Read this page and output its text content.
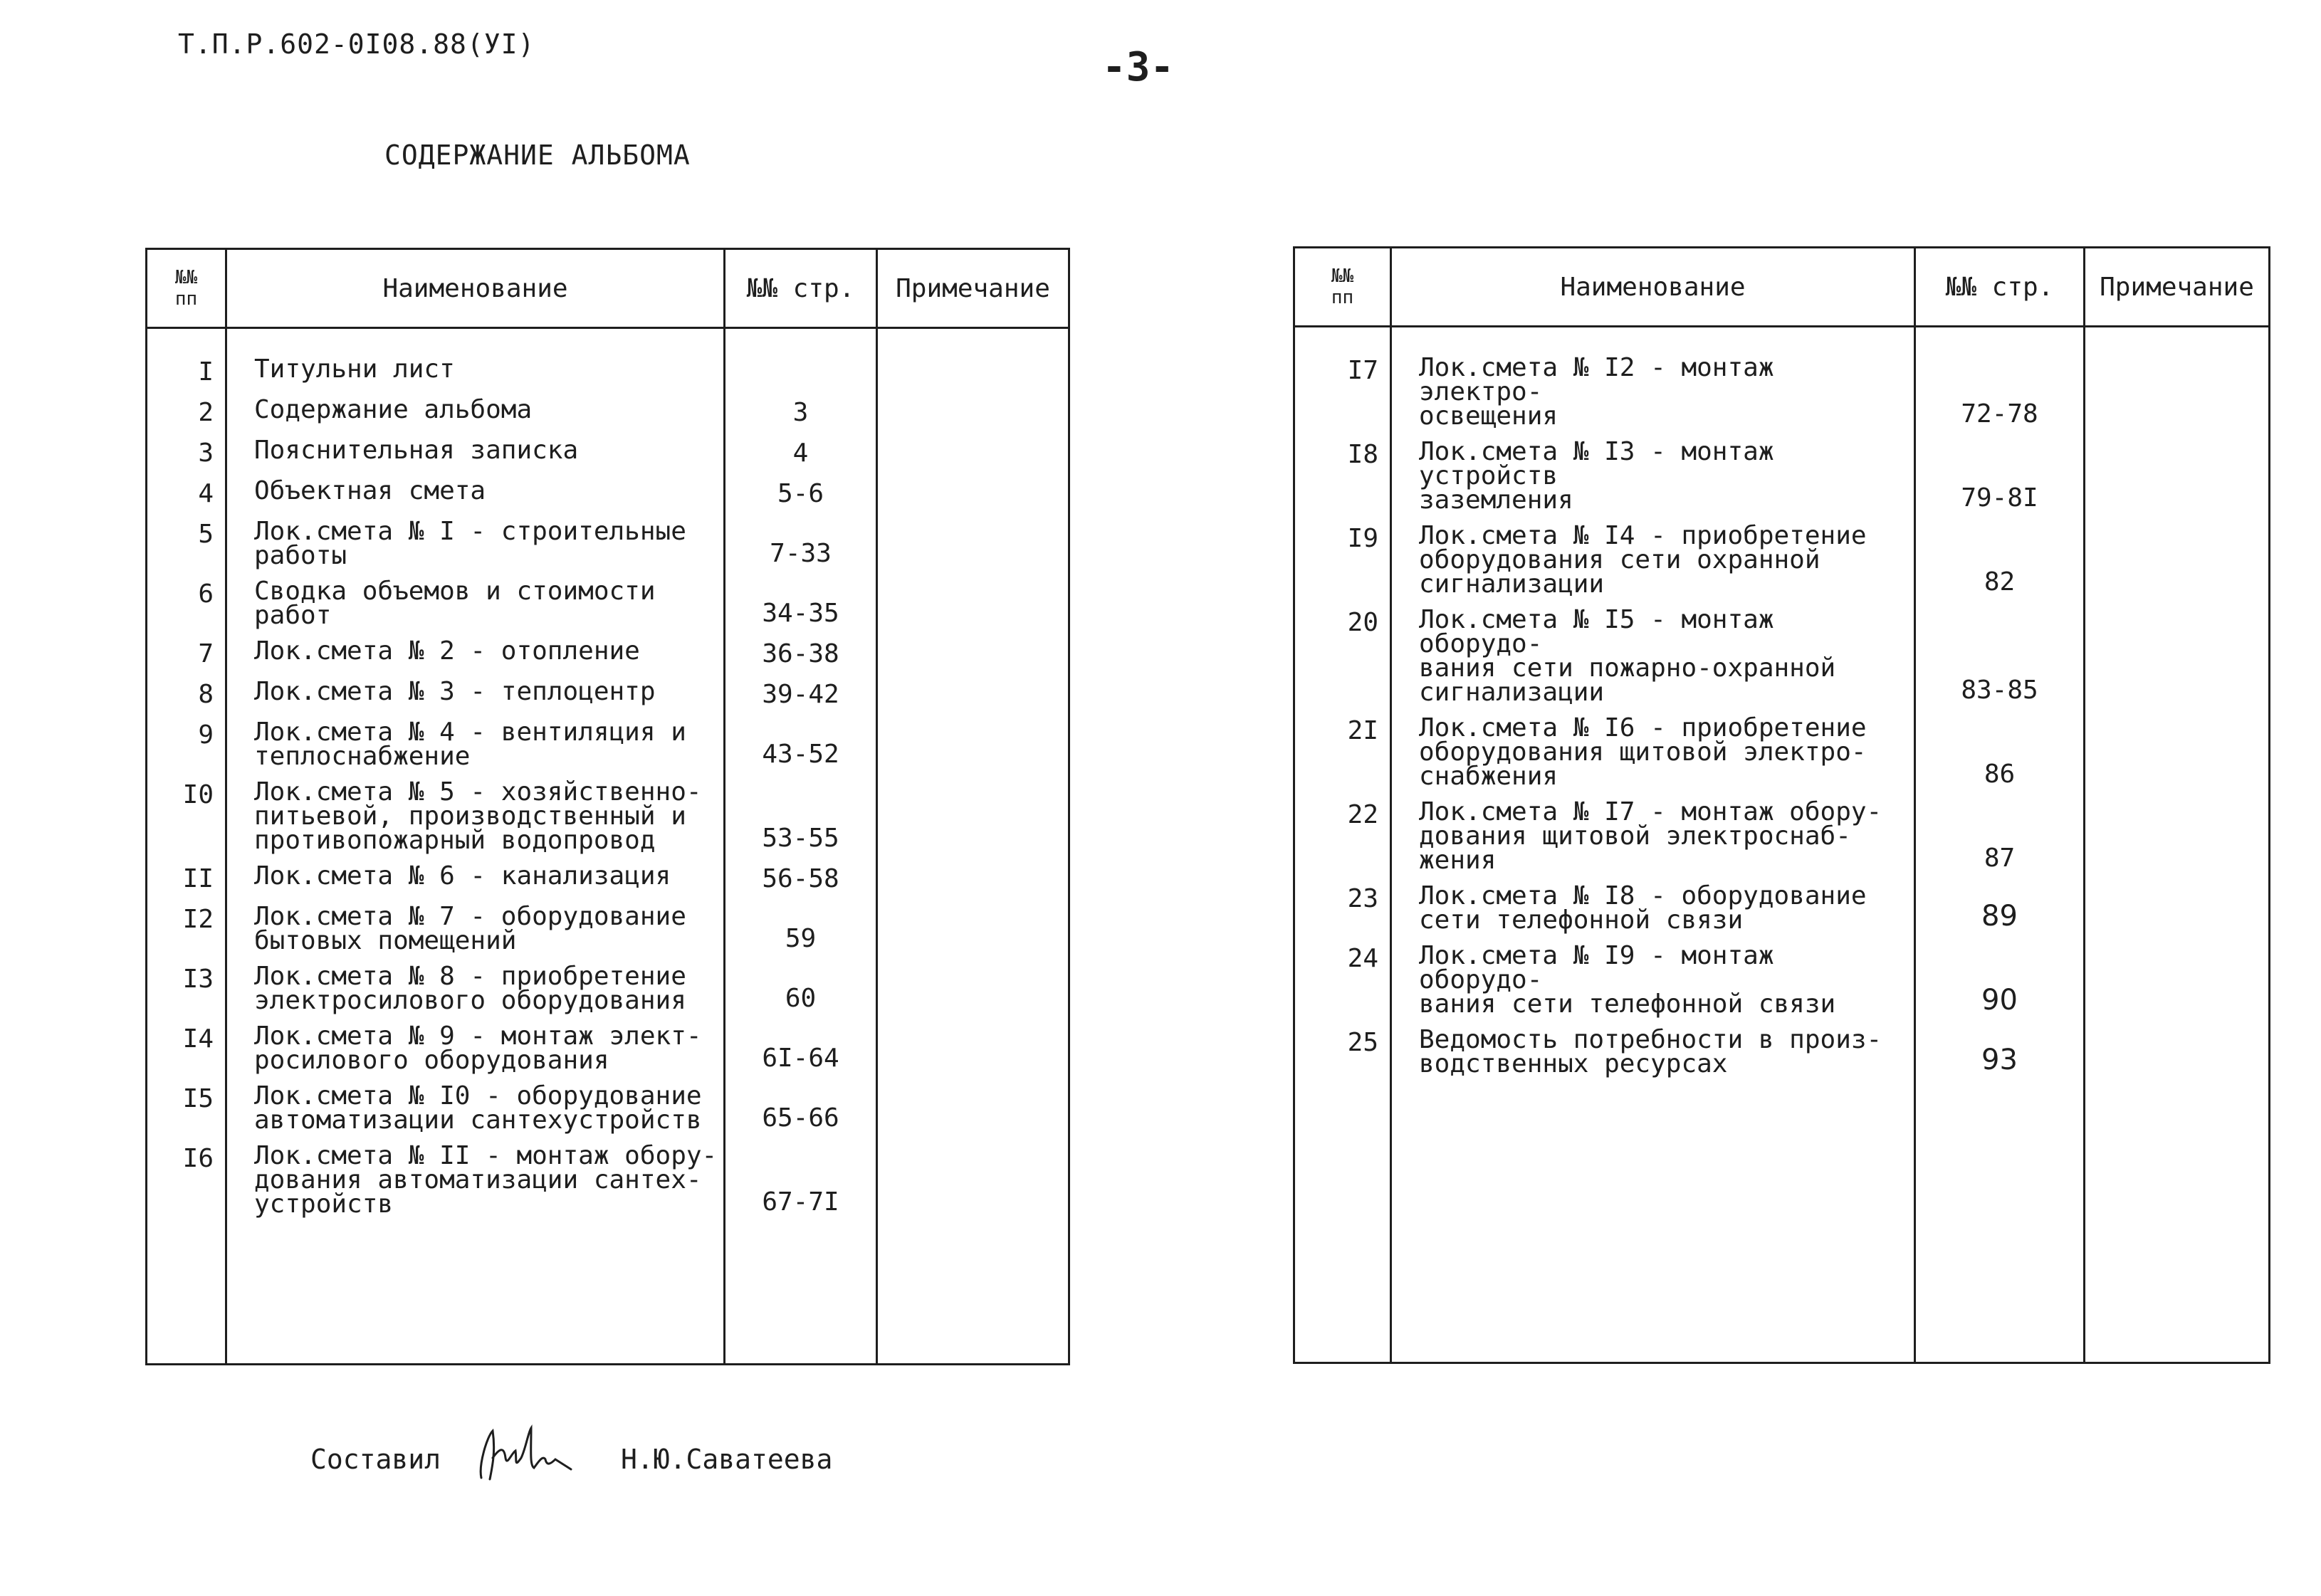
Т.П.Р.602-0І08.88(УІ)	-3-
СОДЕРЖАНИЕ АЛЬБОМА
№№
пп	Наименование	№№ стр.	Примечание
І	Титульни лист		
2	Содержание альбома	3	
3	Пояснительная записка	4	
4	Объектная смета	5-6	
5	Лок.смета № І - строительные
работы	7-33	
6	Сводка объемов и стоимости
работ	34-35	
7	Лок.смета № 2 - отопление	36-38	
8	Лок.смета № 3 - теплоцентр	39-42	
9	Лок.смета № 4 - вентиляция и
теплоснабжение	43-52	
І0	Лок.смета № 5 - хозяйственно-
питьевой, производственный и
противопожарный водопровод	53-55	
ІІ	Лок.смета № 6 - канализация	56-58	
І2	Лок.смета № 7 - оборудование
бытовых помещений	59	
І3	Лок.смета № 8 - приобретение
электросилового оборудования	60	
І4	Лок.смета № 9 - монтаж элект-
росилового оборудования	6І-64	
І5	Лок.смета № І0 - оборудование
автоматизации сантехустройств	65-66	
І6	Лок.смета № ІІ - монтаж обору-
дования автоматизации сантех-
устройств	67-7І	

№№
пп	Наименование	№№ стр.	Примечание
І7	Лок.смета № І2 - монтаж электро-
освещения	72-78	
І8	Лок.смета № І3 - монтаж устройств
заземления	79-8І	
І9	Лок.смета № І4 - приобретение
оборудования сети охранной
сигнализации	82	
20	Лок.смета № І5 - монтаж оборудо-
вания сети пожарно-охранной
сигнализации	83-85	
2І	Лок.смета № І6 - приобретение
оборудования щитовой электро-
снабжения	86	
22	Лок.смета № І7 - монтаж обору-
дования щитовой электроснаб-
жения	87	
23	Лок.смета № І8 - оборудование
сети телефонной связи	89	
24	Лок.смета № І9 - монтаж оборудо-
вания сети телефонной связи	90	
25	Ведомость потребности в произ-
водственных ресурсах	93	

Составил	Н.Ю.Саватеева
